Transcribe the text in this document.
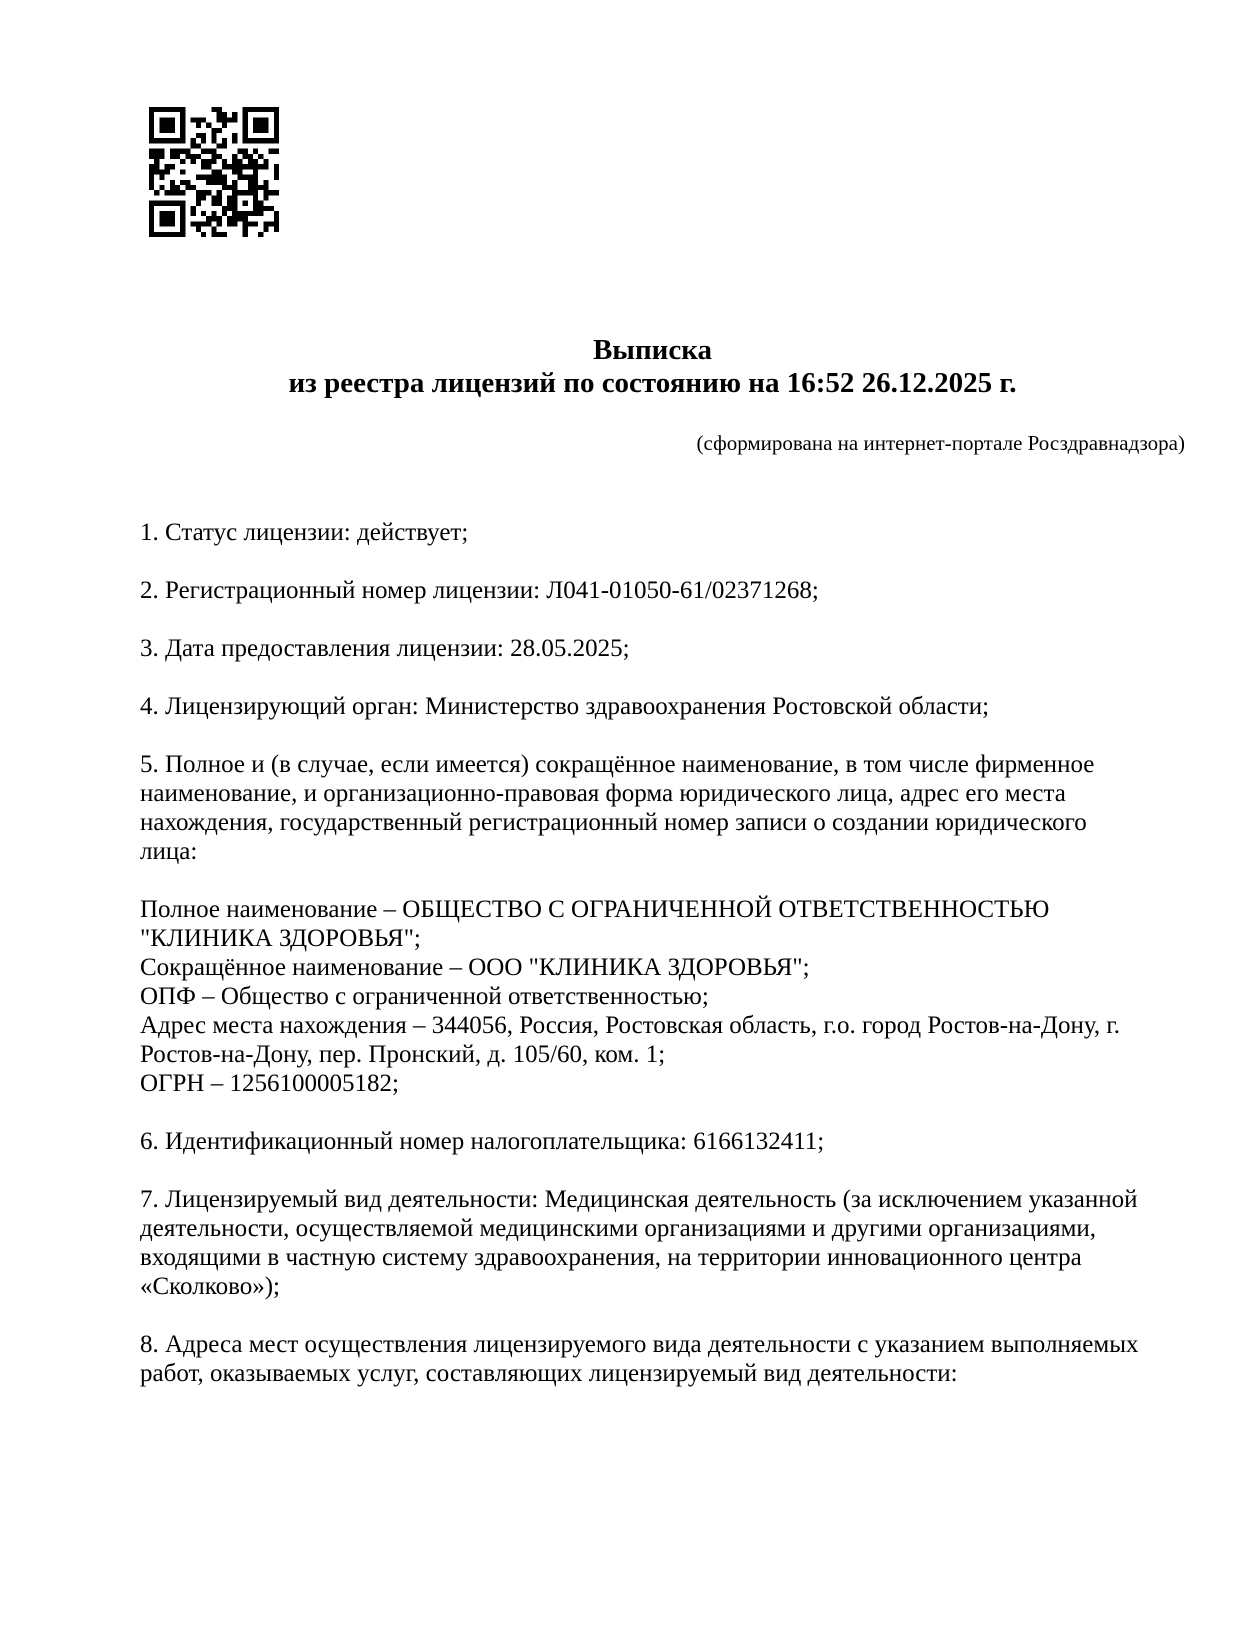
Выписка
из реестра лицензий по состоянию на 16:52 26.12.2025 г.
(сформирована на интернет-портале Росздравнадзора)

1. Статус лицензии: действует;

2. Регистрационный номер лицензии: Л041-01050-61/02371268;

3. Дата предоставления лицензии: 28.05.2025;

4. Лицензирующий орган: Министерство здравоохранения Ростовской области;

5. Полное и (в случае, если имеется) сокращённое наименование, в том числе фирменное наименование, и организационно-правовая форма юридического лица, адрес его места нахождения, государственный регистрационный номер записи о создании юридического лица:

Полное наименование – ОБЩЕСТВО С ОГРАНИЧЕННОЙ ОТВЕТСТВЕННОСТЬЮ "КЛИНИКА ЗДОРОВЬЯ";
Сокращённое наименование – ООО "КЛИНИКА ЗДОРОВЬЯ";
ОПФ – Общество с ограниченной ответственностью;
Адрес места нахождения – 344056, Россия, Ростовская область, г.о. город Ростов-на-Дону, г. Ростов-на-Дону, пер. Пронский, д. 105/60, ком. 1;
ОГРН – 1256100005182;

6. Идентификационный номер налогоплательщика: 6166132411;

7. Лицензируемый вид деятельности: Медицинская деятельность (за исключением указанной деятельности, осуществляемой медицинскими организациями и другими организациями, входящими в частную систему здравоохранения, на территории инновационного центра «Сколково»);

8. Адреса мест осуществления лицензируемого вида деятельности с указанием выполняемых работ, оказываемых услуг, составляющих лицензируемый вид деятельности:
